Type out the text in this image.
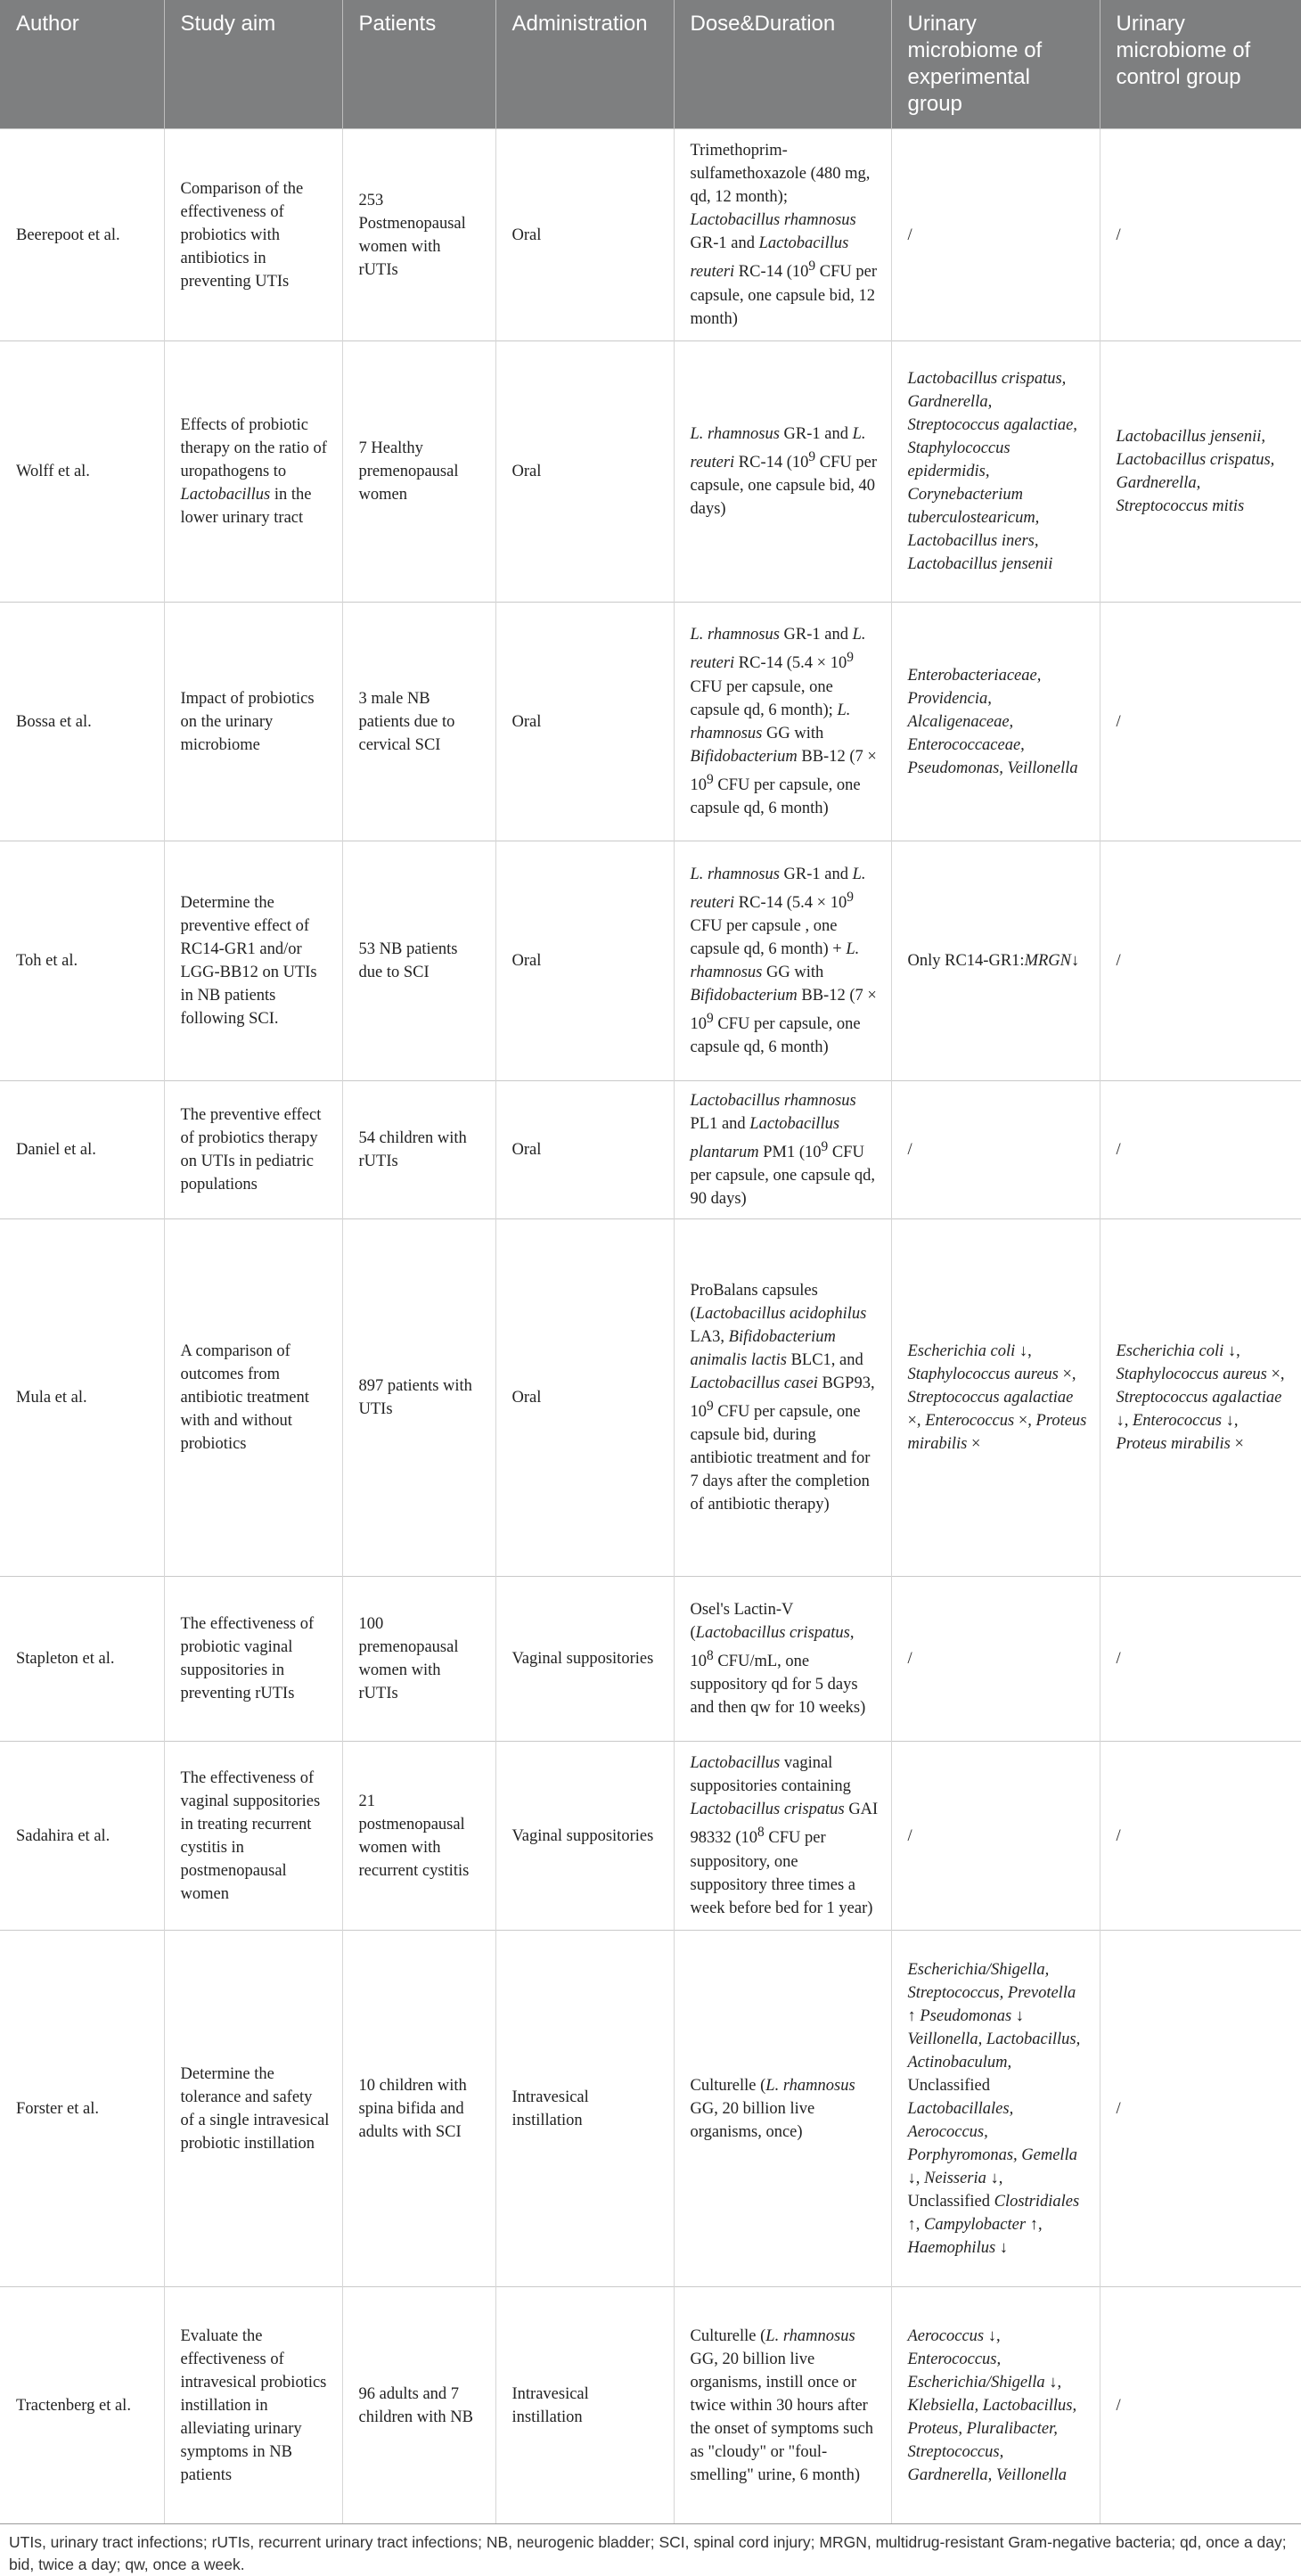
Author	Study aim	Patients	Administration	Dose&Duration	Urinary microbiome of experimental group	Urinary microbiome of control group
Beerepoot et al.	Comparison of the effectiveness of probiotics with antibiotics in preventing UTIs	253 Postmenopausal women with rUTIs	Oral	Trimethoprim-sulfamethoxazole (480 mg, qd, 12 month); Lactobacillus rhamnosus GR-1 and Lactobacillus reuteri RC-14 ($10^9$ CFU per capsule, one capsule bid, 12 month)	/	/
Wolff et al.	Effects of probiotic therapy on the ratio of uropathogens to Lactobacillus in the lower urinary tract	7 Healthy premenopausal women	Oral	L. rhamnosus GR-1 and L. reuteri RC-14 ($10^9$ CFU per capsule, one capsule bid, 40 days)	Lactobacillus crispatus, Gardnerella, Streptococcus agalactiae, Staphylococcus epidermidis, Corynebacterium tuberculostearicum, Lactobacillus iners, Lactobacillus jensenii	Lactobacillus jensenii, Lactobacillus crispatus, Gardnerella, Streptococcus mitis
Bossa et al.	Impact of probiotics on the urinary microbiome	3 male NB patients due to cervical SCI	Oral	L. rhamnosus GR-1 and L. reuteri RC-14 ($5.4 \times 10^9$ CFU per capsule, one capsule qd, 6 month); L. rhamnosus GG with Bifidobacterium BB-12 ($7 \times 10^9$ CFU per capsule, one capsule qd, 6 month)	Enterobacteriaceae, Providencia, Alcaligenaceae, Enterococcaceae, Pseudomonas, Veillonella	/
Toh et al.	Determine the preventive effect of RC14-GR1 and/or LGG-BB12 on UTIs in NB patients following SCI.	53 NB patients due to SCI	Oral	L. rhamnosus GR-1 and L. reuteri RC-14 ($5.4 \times 10^9$ CFU per capsule , one capsule qd, 6 month) + L. rhamnosus GG with Bifidobacterium BB-12 ($7 \times 10^9$ CFU per capsule, one capsule qd, 6 month)	Only RC14-GR1:MRGN↓	/
Daniel et al.	The preventive effect of probiotics therapy on UTIs in pediatric populations	54 children with rUTIs	Oral	Lactobacillus rhamnosus PL1 and Lactobacillus plantarum PM1 ($10^9$ CFU per capsule, one capsule qd, 90 days)	/	/
Mula et al.	A comparison of outcomes from antibiotic treatment with and without probiotics	897 patients with UTIs	Oral	ProBalans capsules (Lactobacillus acidophilus LA3, Bifidobacterium animalis lactis BLC1, and Lactobacillus casei BGP93, $10^9$ CFU per capsule, one capsule bid, during antibiotic treatment and for 7 days after the completion of antibiotic therapy)	Escherichia coli ↓, Staphylococcus aureus ×, Streptococcus agalactiae ×, Enterococcus ×, Proteus mirabilis ×	Escherichia coli ↓, Staphylococcus aureus ×, Streptococcus agalactiae ↓, Enterococcus ↓, Proteus mirabilis ×
Stapleton et al.	The effectiveness of probiotic vaginal suppositories in preventing rUTIs	100 premenopausal women with rUTIs	Vaginal suppositories	Osel's Lactin-V (Lactobacillus crispatus, $10^8$ CFU/mL, one suppository qd for 5 days and then qw for 10 weeks)	/	/
Sadahira et al.	The effectiveness of vaginal suppositories in treating recurrent cystitis in postmenopausal women	21 postmenopausal women with recurrent cystitis	Vaginal suppositories	Lactobacillus vaginal suppositories containing Lactobacillus crispatus GAI 98332 ($10^8$ CFU per suppository, one suppository three times a week before bed for 1 year)	/	/
Forster et al.	Determine the tolerance and safety of a single intravesical probiotic instillation	10 children with spina bifida and adults with SCI	Intravesical instillation	Culturelle (L. rhamnosus GG, 20 billion live organisms, once)	Escherichia/Shigella, Streptococcus, Prevotella ↑ Pseudomonas ↓ Veillonella, Lactobacillus, Actinobaculum, Unclassified Lactobacillales, Aerococcus, Porphyromonas, Gemella ↓, Neisseria ↓, Unclassified Clostridiales ↑, Campylobacter ↑, Haemophilus ↓	/
Tractenberg et al.	Evaluate the effectiveness of intravesical probiotics instillation in alleviating urinary symptoms in NB patients	96 adults and 7 children with NB	Intravesical instillation	Culturelle (L. rhamnosus GG, 20 billion live organisms, instill once or twice within 30 hours after the onset of symptoms such as "cloudy" or "foul-smelling" urine, 6 month)	Aerococcus ↓, Enterococcus, Escherichia/Shigella ↓, Klebsiella, Lactobacillus, Proteus, Pluralibacter, Streptococcus, Gardnerella, Veillonella	/
UTIs, urinary tract infections; rUTIs, recurrent urinary tract infections; NB, neurogenic bladder; SCI, spinal cord injury; MRGN, multidrug-resistant Gram-negative bacteria; qd, once a day; bid, twice a day; qw, once a week.
